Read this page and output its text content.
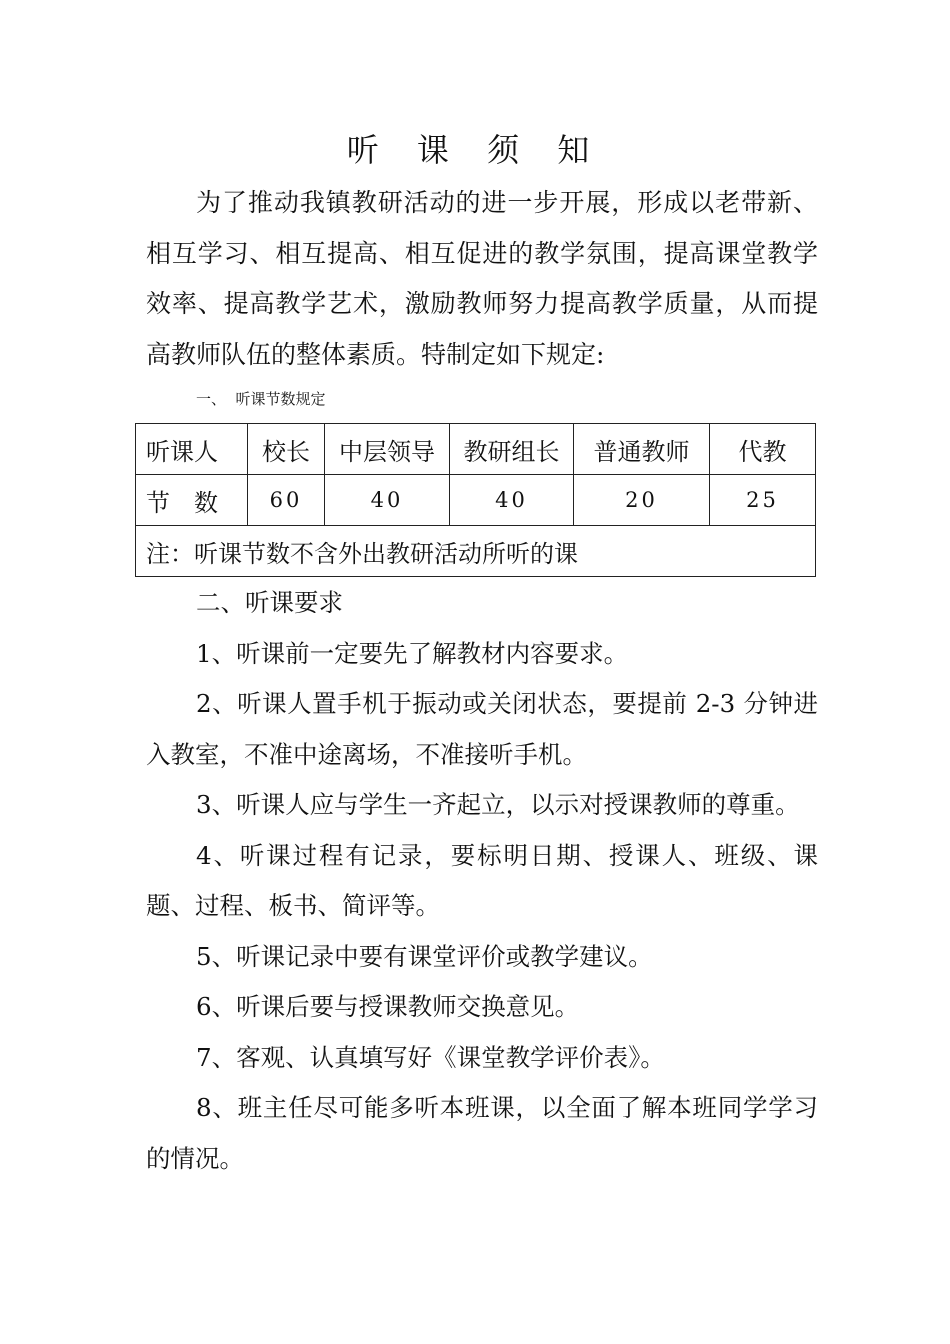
听 课 须 知

为了推动我镇教研活动的进一步开展，形成以老带新、相互学习、相互提高、相互促进的教学氛围，提高课堂教学效率、提高教学艺术，激励教师努力提高教学质量，从而提高教师队伍的整体素质。特制定如下规定:

一、  听课节数规定
听课人	校长	中层领导	教研组长	普通教师	代教
节　数	60	40	40	20	25
注：听课节数不含外出教研活动所听的课					

二、听课要求

1、听课前一定要先了解教材内容要求。

2、听课人置手机于振动或关闭状态，要提前 2-3 分钟进入教室，不准中途离场，不准接听手机。

3、听课人应与学生一齐起立，以示对授课教师的尊重。

4、听课过程有记录，要标明日期、授课人、班级、课题、过程、板书、简评等。

5、听课记录中要有课堂评价或教学建议。

6、听课后要与授课教师交换意见。

7、客观、认真填写好《课堂教学评价表》。

8、班主任尽可能多听本班课，以全面了解本班同学学习的情况。
